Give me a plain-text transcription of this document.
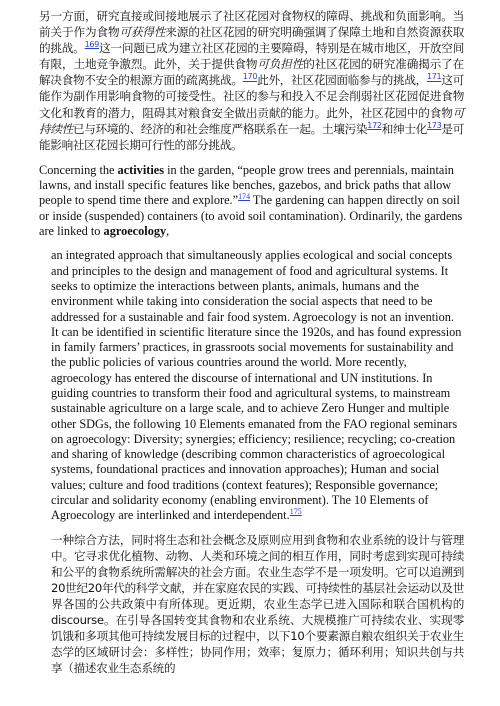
另一方面，研究直接或间接地展示了社区花园对食物权的障碍、挑战和负面影响。当前关于作为食物可获得性来源的社区花园的研究明确强调了保障土地和自然资源获取的挑战。$^{169}$这一问题已成为建立社区花园的主要障碍，特别是在城市地区，开放空间有限，土地竞争激烈。此外，关于提供食物可负担性的社区花园的研究准确揭示了在解决食物不安全的根源方面的疏离挑战。$^{170}$此外，社区花园面临参与的挑战，$^{171}$这可能作为副作用影响食物的可接受性。社区的参与和投入不足会削弱社区花园促进食物文化和教育的潜力，阻碍其对粮食安全做出贡献的能力。此外，社区花园中的食物可持续性已与环境的、经济的和社会维度严格联系在一起。土壤污染$^{172}$和绅士化$^{173}$是可能影响社区花园长期可行性的部分挑战。

Concerning the activities in the garden, “people grow trees and perennials, maintain lawns, and install specific features like benches, gazebos, and brick paths that allow people to spend time there and explore.”$^{174}$ The gardening can happen directly on soil or inside (suspended) containers (to avoid soil contamination). Ordinarily, the gardens are linked to agroecology,

an integrated approach that simultaneously applies ecological and social concepts and principles to the design and management of food and agricultural systems. It seeks to optimize the interactions between plants, animals, humans and the environment while taking into consideration the social aspects that need to be addressed for a sustainable and fair food system. Agroecology is not an invention. It can be identified in scientific literature since the 1920s, and has found expression in family farmers’ practices, in grassroots social movements for sustainability and the public policies of various countries around the world. More recently, agroecology has entered the discourse of international and UN institutions. In guiding countries to transform their food and agricultural systems, to mainstream sustainable agriculture on a large scale, and to achieve Zero Hunger and multiple other SDGs, the following 10 Elements emanated from the FAO regional seminars on agroecology: Diversity; synergies; efficiency; resilience; recycling; co-creation and sharing of knowledge (describing common characteristics of agroecological systems, foundational practices and innovation approaches); Human and social values; culture and food traditions (context features); Responsible governance; circular and solidarity economy (enabling environment). The 10 Elements of Agroecology are interlinked and interdependent.$^{175}$

一种综合方法，同时将生态和社会概念及原则应用到食物和农业系统的设计与管理中。它寻求优化植物、动物、人类和环境之间的相互作用，同时考虑到实现可持续和公平的食物系统所需解决的社会方面。农业生态学不是一项发明。它可以追溯到20世纪20年代的科学文献，并在家庭农民的实践、可持续性的基层社会运动以及世界各国的公共政策中有所体现。更近期，农业生态学已进入国际和联合国机构的 discourse。在引导各国转变其食物和农业系统、大规模推广可持续农业、实现零饥饿和多项其他可持续发展目标的过程中，以下10个要素源自粮农组织关于农业生态学的区域研讨会：多样性；协同作用；效率；复原力；循环利用；知识共创与共享（描述农业生态系统的
